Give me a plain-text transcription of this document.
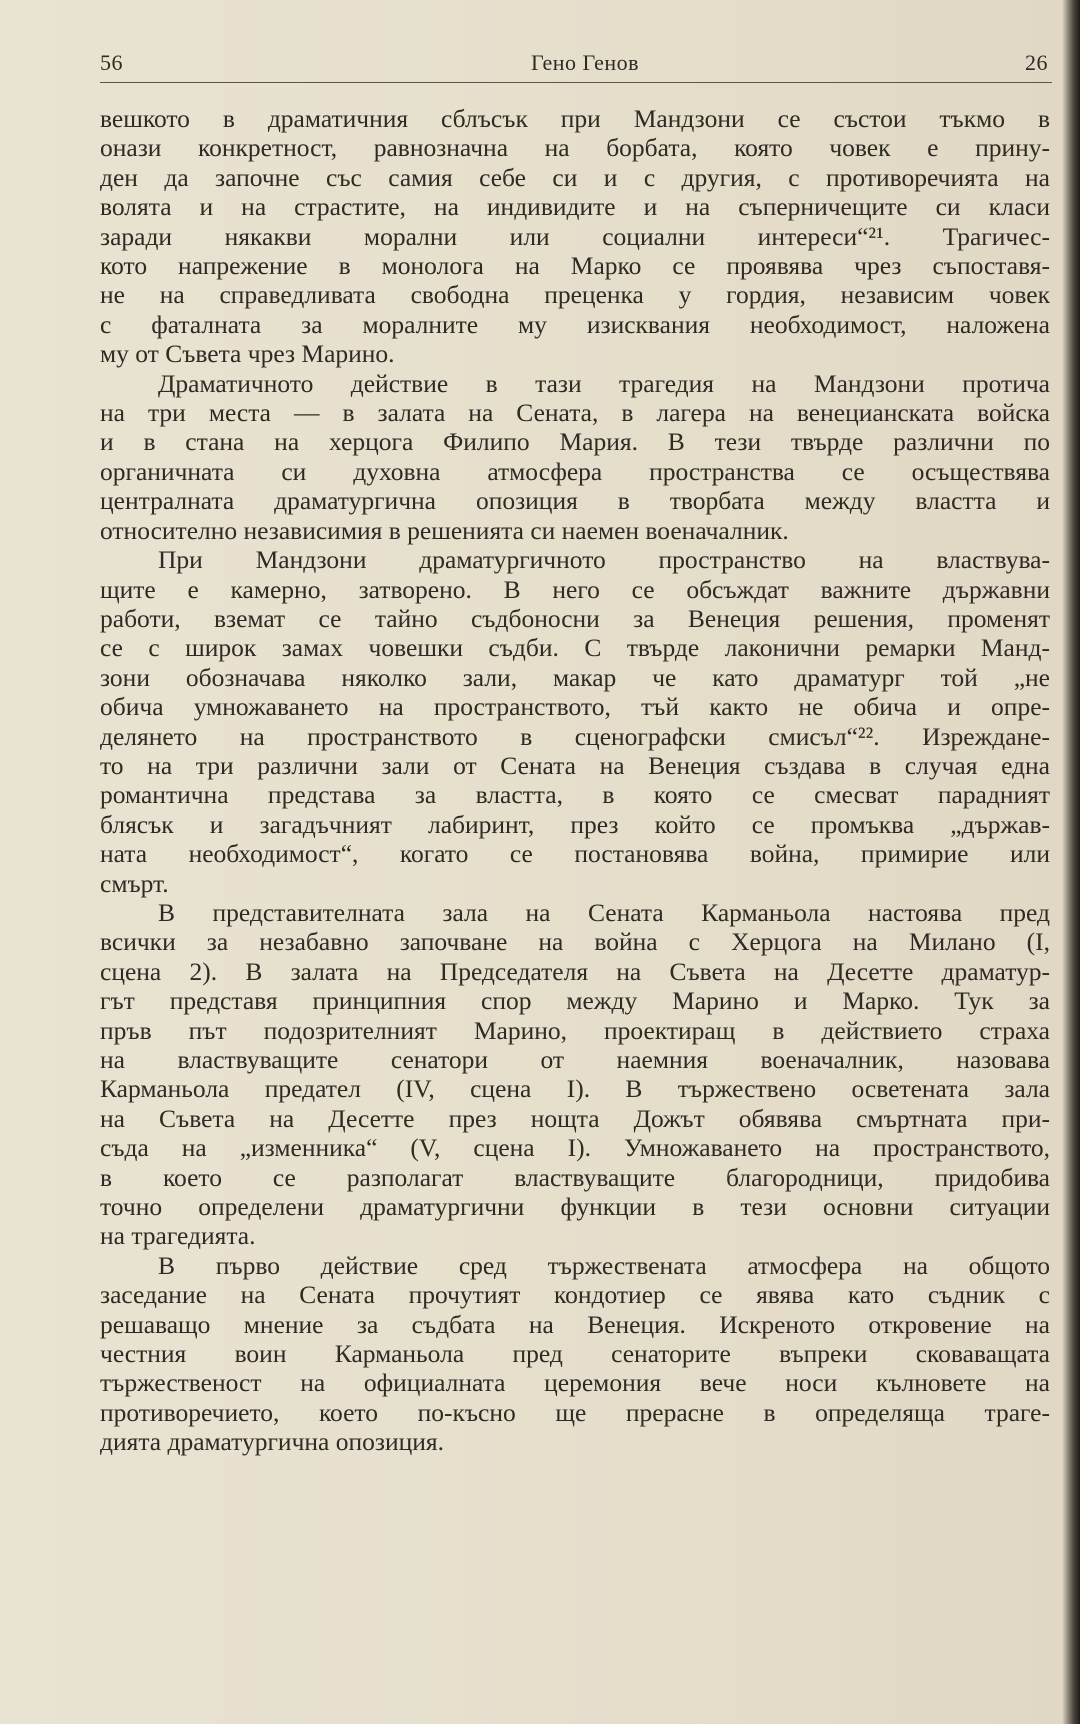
56	Гено Генов	26

вешкото в драматичния сблъсък при Мандзони се състои тъкмо в
онази конкретност, равнозначна на борбата, която човек е прину-
ден да започне със самия себе си и с другия, с противоречията на
волята и на страстите, на индивидите и на съперничещите си класи
заради някакви морални или социални интереси“²¹. Трагичес-
кото напрежение в монолога на Марко се проявява чрез съпоставя-
не на справедливата свободна преценка у гордия, независим човек
с фаталната за моралните му изисквания необходимост, наложена
му от Съвета чрез Марино.

Драматичното действие в тази трагедия на Мандзони протича
на три места — в залата на Сената, в лагера на венецианската войска
и в стана на херцога Филипо Мария. В тези твърде различни по
органичната си духовна атмосфера пространства се осъществява
централната драматургична опозиция в творбата между властта и
относително независимия в решенията си наемен военачалник.

При Мандзони драматургичното пространство на властвува-
щите е камерно, затворено. В него се обсъждат важните държавни
работи, вземат се тайно съдбоносни за Венеция решения, променят
се с широк замах човешки съдби. С твърде лаконични ремарки Манд-
зони обозначава няколко зали, макар че като драматург той „не
обича умножаването на пространството, тъй както не обича и опре-
делянето на пространството в сценографски смисъл“²². Изреждане-
то на три различни зали от Сената на Венеция създава в случая една
романтична представа за властта, в която се смесват парадният
блясък и загадъчният лабиринт, през който се промъква „държав-
ната необходимост“, когато се постановява война, примирие или
смърт.

В представителната зала на Сената Карманьола настоява пред
всички за незабавно започване на война с Херцога на Милано (I,
сцена 2). В залата на Председателя на Съвета на Десетте драматур-
гът представя принципния спор между Марино и Марко. Тук за
пръв път подозрителният Марино, проектиращ в действието страха
на властвуващите сенатори от наемния военачалник, назовава
Карманьола предател (IV, сцена I). В тържествено осветената зала
на Съвета на Десетте през нощта Дожът обявява смъртната при-
съда на „изменника“ (V, сцена I). Умножаването на пространството,
в което се разполагат властвуващите благородници, придобива
точно определени драматургични функции в тези основни ситуации
на трагедията.

В първо действие сред тържествената атмосфера на общото
заседание на Сената прочутият кондотиер се явява като съдник с
решаващо мнение за съдбата на Венеция. Искреното откровение на
честния воин Карманьола пред сенаторите въпреки сковаващата
тържественост на официалната церемония вече носи кълновете на
противоречието, което по-късно ще прерасне в определяща траге-
дията драматургична опозиция.
